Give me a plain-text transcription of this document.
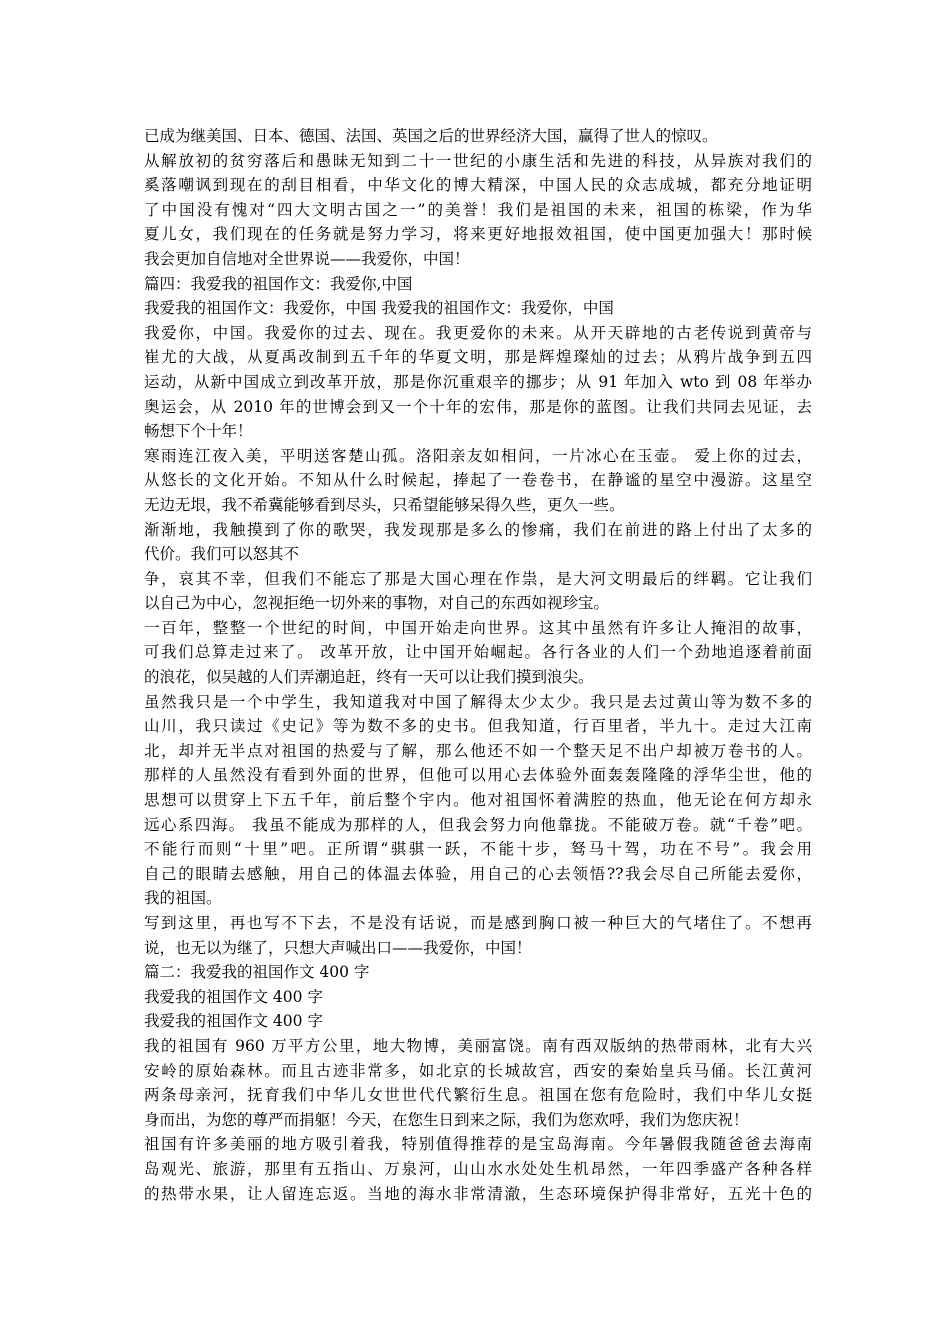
已成为继美国、日本、德国、法国、英国之后的世界经济大国，赢得了世人的惊叹。
从解放初的贫穷落后和愚昧无知到二十一世纪的小康生活和先进的科技，从异族对我们的
奚落嘲讽到现在的刮目相看，中华文化的博大精深，中国人民的众志成城，都充分地证明
了中国没有愧对“四大文明古国之一”的美誉！我们是祖国的未来，祖国的栋梁，作为华
夏儿女，我们现在的任务就是努力学习，将来更好地报效祖国，使中国更加强大！那时候
我会更加自信地对全世界说——我爱你，中国！
篇四：我爱我的祖国作文：我爱你,中国
我爱我的祖国作文：我爱你，中国 我爱我的祖国作文：我爱你，中国
我爱你，中国。我爱你的过去、现在。我更爱你的未来。从开天辟地的古老传说到黄帝与
崔尤的大战，从夏禹改制到五千年的华夏文明，那是辉煌璨灿的过去；从鸦片战争到五四
运动，从新中国成立到改革开放，那是你沉重艰辛的挪步；从 91 年加入 wto 到 08 年举办
奥运会，从 2010 年的世博会到又一个十年的宏伟，那是你的蓝图。让我们共同去见证，去
畅想下个十年！
寒雨连江夜入美，平明送客楚山孤。洛阳亲友如相问，一片冰心在玉壶。 爱上你的过去，
从悠长的文化开始。不知从什么时候起，捧起了一卷卷书，在静谧的星空中漫游。这星空
无边无垠，我不希冀能够看到尽头，只希望能够呆得久些，更久一些。
渐渐地，我触摸到了你的歌哭，我发现那是多么的惨痛，我们在前进的路上付出了太多的
代价。我们可以怒其不
争，哀其不幸，但我们不能忘了那是大国心理在作祟，是大河文明最后的绊羁。它让我们
以自己为中心，忽视拒绝一切外来的事物，对自己的东西如视珍宝。
一百年，整整一个世纪的时间，中国开始走向世界。这其中虽然有许多让人掩泪的故事，
可我们总算走过来了。 改革开放，让中国开始崛起。各行各业的人们一个劲地追逐着前面
的浪花，似吴越的人们弄潮追赶，终有一天可以让我们摸到浪尖。
虽然我只是一个中学生，我知道我对中国了解得太少太少。我只是去过黄山等为数不多的
山川，我只读过《史记》等为数不多的史书。但我知道，行百里者，半九十。走过大江南
北，却并无半点对祖国的热爱与了解，那么他还不如一个整天足不出户却被万卷书的人。
那样的人虽然没有看到外面的世界，但他可以用心去体验外面轰轰隆隆的浮华尘世，他的
思想可以贯穿上下五千年，前后整个宇内。他对祖国怀着满腔的热血，他无论在何方却永
远心系四海。 我虽不能成为那样的人，但我会努力向他靠拢。不能破万卷。就“千卷”吧。
不能行而则“十里”吧。正所谓“骐骐一跃，不能十步，驽马十驾，功在不号”。我会用
自己的眼睛去感触，用自己的体温去体验，用自己的心去领悟??我会尽自己所能去爱你，
我的祖国。
写到这里，再也写不下去，不是没有话说，而是感到胸口被一种巨大的气堵住了。不想再
说，也无以为继了，只想大声喊出口——我爱你，中国！
篇二：我爱我的祖国作文 400 字
我爱我的祖国作文 400 字
我爱我的祖国作文 400 字
我的祖国有 960 万平方公里，地大物博，美丽富饶。南有西双版纳的热带雨林，北有大兴
安岭的原始森林。而且古迹非常多，如北京的长城故宫，西安的秦始皇兵马俑。长江黄河
两条母亲河，抚育我们中华儿女世世代代繁衍生息。祖国在您有危险时，我们中华儿女挺
身而出，为您的尊严而捐躯！今天，在您生日到来之际，我们为您欢呼，我们为您庆祝！
祖国有许多美丽的地方吸引着我，特别值得推荐的是宝岛海南。今年暑假我随爸爸去海南
岛观光、旅游，那里有五指山、万泉河，山山水水处处生机昂然，一年四季盛产各种各样
的热带水果，让人留连忘返。当地的海水非常清澈，生态环境保护得非常好，五光十色的
